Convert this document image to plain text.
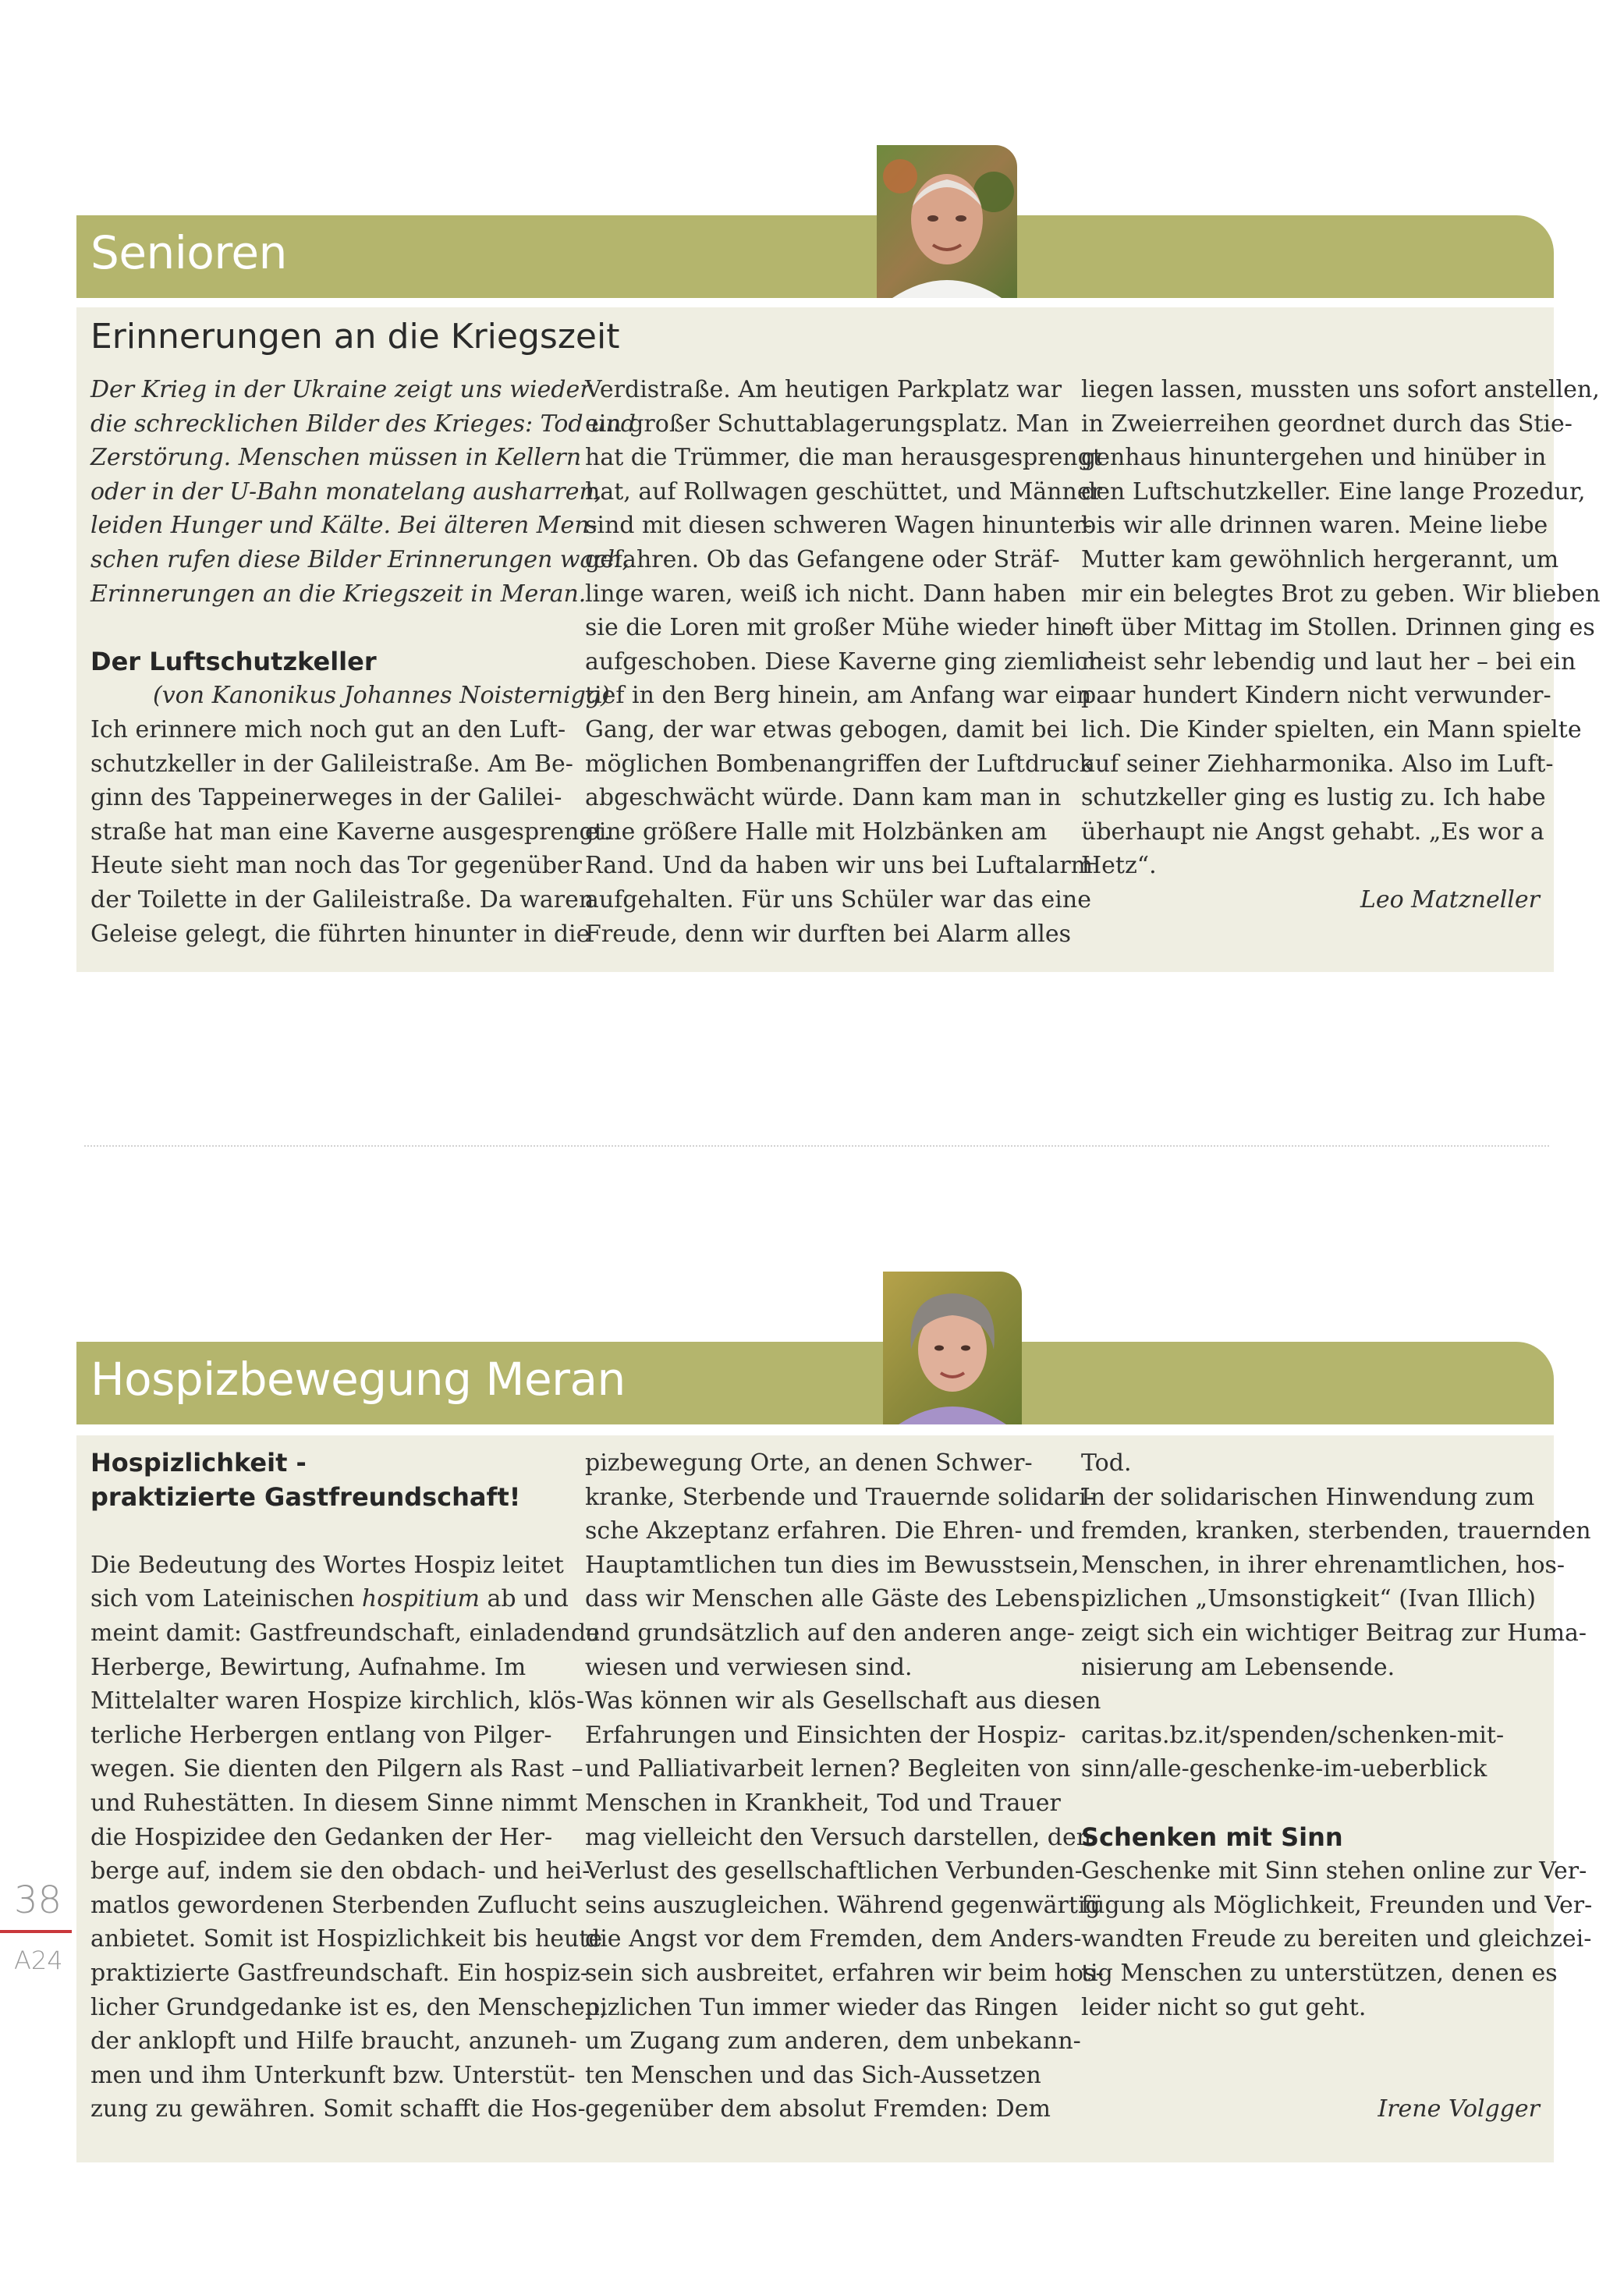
Senioren
Erinnerungen an die Kriegszeit

Der Krieg in der Ukraine zeigt uns wieder

die schrecklichen Bilder des Krieges: Tod und

Zerstörung. Menschen müssen in Kellern

oder in der U-Bahn monatelang ausharren,

leiden Hunger und Kälte. Bei älteren Men-

schen rufen diese Bilder Erinnerungen wach,

Erinnerungen an die Kriegszeit in Meran.

Der Luftschutzkeller

(von Kanonikus Johannes Noisternigg)

Ich erinnere mich noch gut an den Luft-

schutzkeller in der Galileistraße. Am Be-

ginn des Tappeinerweges in der Galilei-

straße hat man eine Kaverne ausgesprengt.

Heute sieht man noch das Tor gegenüber

der Toilette in der Galileistraße. Da waren

Geleise gelegt, die führten hinunter in die

Verdistraße. Am heutigen Parkplatz war

ein großer Schuttablagerungsplatz. Man

hat die Trümmer, die man herausgesprengt

hat, auf Rollwagen geschüttet, und Männer

sind mit diesen schweren Wagen hinunter-

gefahren. Ob das Gefangene oder Sträf-

linge waren, weiß ich nicht. Dann haben

sie die Loren mit großer Mühe wieder hin-

aufgeschoben. Diese Kaverne ging ziemlich

tief in den Berg hinein, am Anfang war ein

Gang, der war etwas gebogen, damit bei

möglichen Bombenangriffen der Luftdruck

abgeschwächt würde. Dann kam man in

eine größere Halle mit Holzbänken am

Rand. Und da haben wir uns bei Luftalarm

aufgehalten. Für uns Schüler war das eine

Freude, denn wir durften bei Alarm alles

liegen lassen, mussten uns sofort anstellen,

in Zweierreihen geordnet durch das Stie-

genhaus hinuntergehen und hinüber in

den Luftschutzkeller. Eine lange Prozedur,

bis wir alle drinnen waren. Meine liebe

Mutter kam gewöhnlich hergerannt, um

mir ein belegtes Brot zu geben. Wir blieben

oft über Mittag im Stollen. Drinnen ging es

meist sehr lebendig und laut her – bei ein

paar hundert Kindern nicht verwunder-

lich. Die Kinder spielten, ein Mann spielte

auf seiner Ziehharmonika. Also im Luft-

schutzkeller ging es lustig zu. Ich habe

überhaupt nie Angst gehabt. „Es wor a

Hetz“.

Leo Matzneller

Hospizbewegung Meran

Hospizlichkeit -

praktizierte Gastfreundschaft!

Die Bedeutung des Wortes Hospiz leitet

sich vom Lateinischen hospitium ab und

meint damit: Gastfreundschaft, einladende

Herberge, Bewirtung, Aufnahme. Im

Mittelalter waren Hospize kirchlich, klös-

terliche Herbergen entlang von Pilger-

wegen. Sie dienten den Pilgern als Rast –

und Ruhestätten. In diesem Sinne nimmt

die Hospizidee den Gedanken der Her-

berge auf, indem sie den obdach- und hei-

matlos gewordenen Sterbenden Zuflucht

anbietet. Somit ist Hospizlichkeit bis heute

praktizierte Gastfreundschaft. Ein hospiz-

licher Grundgedanke ist es, den Menschen,

der anklopft und Hilfe braucht, anzuneh-

men und ihm Unterkunft bzw. Unterstüt-

zung zu gewähren. Somit schafft die Hos-

pizbewegung Orte, an denen Schwer-

kranke, Sterbende und Trauernde solidari-

sche Akzeptanz erfahren. Die Ehren- und

Hauptamtlichen tun dies im Bewusstsein,

dass wir Menschen alle Gäste des Lebens

und grundsätzlich auf den anderen ange-

wiesen und verwiesen sind.

Was können wir als Gesellschaft aus diesen

Erfahrungen und Einsichten der Hospiz-

und Palliativarbeit lernen? Begleiten von

Menschen in Krankheit, Tod und Trauer

mag vielleicht den Versuch darstellen, den

Verlust des gesellschaftlichen Verbunden-

seins auszugleichen. Während gegenwärtig

die Angst vor dem Fremden, dem Anders-

sein sich ausbreitet, erfahren wir beim hos-

pizlichen Tun immer wieder das Ringen

um Zugang zum anderen, dem unbekann-

ten Menschen und das Sich-Aussetzen

gegenüber dem absolut Fremden: Dem

Tod.

In der solidarischen Hinwendung zum

fremden, kranken, sterbenden, trauernden

Menschen, in ihrer ehrenamtlichen, hos-

pizlichen „Umsonstigkeit“ (Ivan Illich)

zeigt sich ein wichtiger Beitrag zur Huma-

nisierung am Lebensende.

caritas.bz.it/spenden/schenken-mit-

sinn/alle-geschenke-im-ueberblick

Schenken mit Sinn

Geschenke mit Sinn stehen online zur Ver-

fügung als Möglichkeit, Freunden und Ver-

wandten Freude zu bereiten und gleichzei-

tig Menschen zu unterstützen, denen es

leider nicht so gut geht.

Irene Volgger

38
A24
